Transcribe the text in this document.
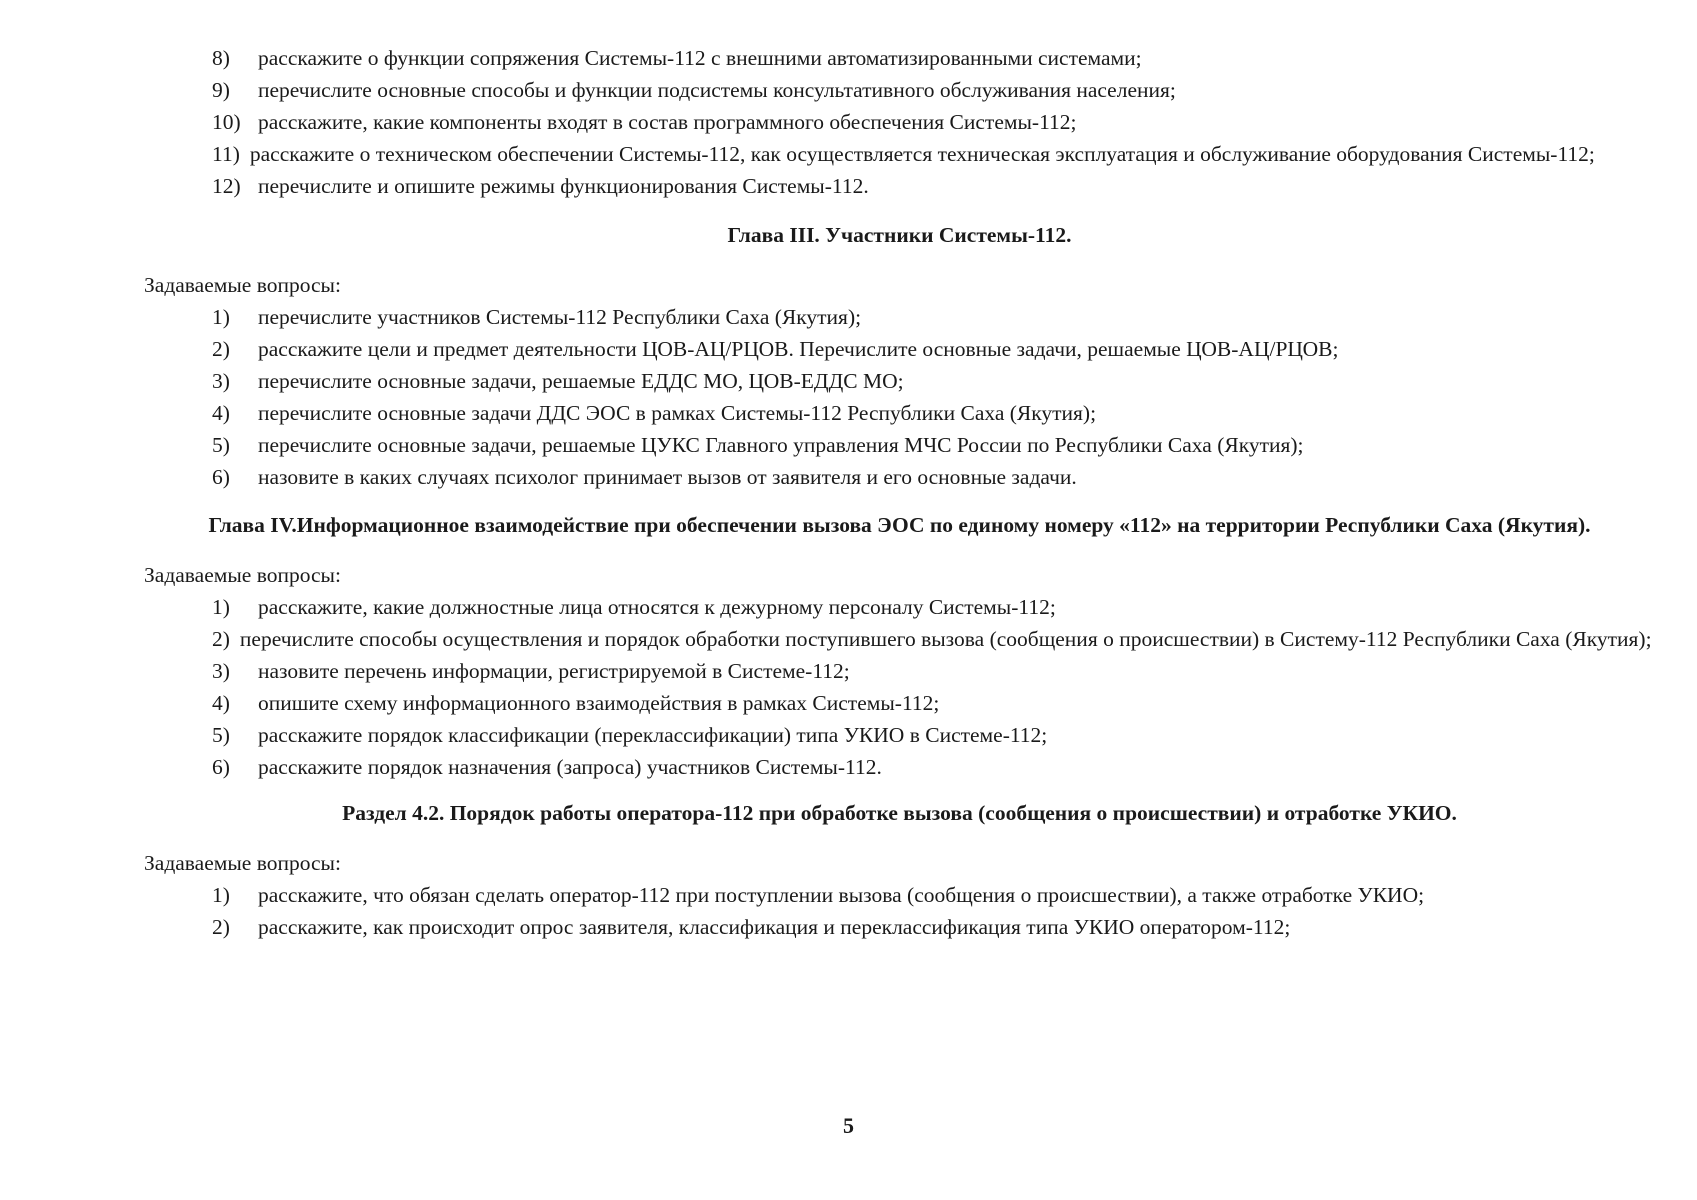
8)	расскажите о функции сопряжения Системы-112 с внешними автоматизированными системами;
9)	перечислите основные способы и функции подсистемы консультативного обслуживания населения;
10) расскажите, какие компоненты входят в состав программного обеспечения Системы-112;
11) расскажите о техническом обеспечении Системы-112, как осуществляется техническая эксплуатация и обслуживание оборудования Системы-112;
12) перечислите и опишите режимы функционирования Системы-112.

Глава III. Участники Системы-112.

Задаваемые вопросы:

1)	перечислите участников Системы-112 Республики Саха (Якутия);
2)	расскажите цели и предмет деятельности ЦОВ-АЦ/РЦОВ. Перечислите основные задачи, решаемые ЦОВ-АЦ/РЦОВ;
3)	перечислите основные задачи, решаемые ЕДДС МО, ЦОВ-ЕДДС МО;
4)	перечислите основные задачи ДДС ЭОС в рамках Системы-112 Республики Саха (Якутия);
5)	перечислите основные задачи, решаемые ЦУКС Главного управления МЧС России по Республики Саха (Якутия);
6)	назовите в каких случаях психолог принимает вызов от заявителя и его основные задачи.

Глава IV.Информационное взаимодействие при обеспечении вызова ЭОС по единому номеру «112» на территории Республики Саха (Якутия).

Задаваемые вопросы:

1)	расскажите, какие должностные лица относятся к дежурному персоналу Системы-112;
2) перечислите способы осуществления и порядок обработки поступившего вызова (сообщения о происшествии) в Систему-112 Республики Саха (Якутия);
3)	назовите перечень информации, регистрируемой в Системе-112;
4)	опишите схему информационного взаимодействия в рамках Системы-112;
5)	расскажите порядок классификации (переклассификации) типа УКИО в Системе-112;
6)	расскажите порядок назначения (запроса) участников Системы-112.

Раздел 4.2. Порядок работы оператора-112 при обработке вызова (сообщения о происшествии) и отработке УКИО.

Задаваемые вопросы:

1)	расскажите, что обязан сделать оператор-112 при поступлении вызова (сообщения о происшествии), а также отработке УКИО;
2)	расскажите, как происходит опрос заявителя, классификация и переклассификация типа УКИО оператором-112;
5
